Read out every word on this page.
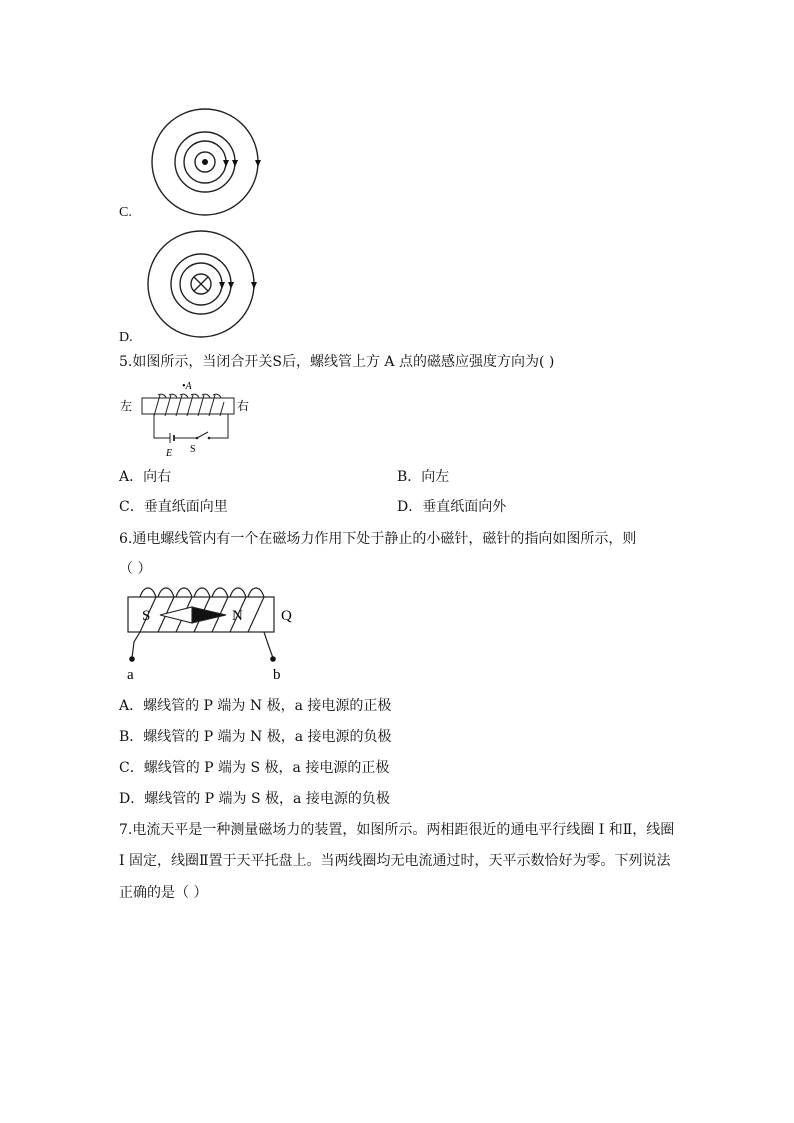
C.
D.
5.如图所示，当闭合开关S后，螺线管上方 A 点的磁感应强度方向为( )
•A
左	右
E S
A．向右	B．向左
C．垂直纸面向里	D．垂直纸面向外
6.通电螺线管内有一个在磁场力作用下处于静止的小磁针，磁针的指向如图所示，则
（ ）
S	N	Q
a	b
A．螺线管的 P 端为 N 极，a 接电源的正极
B．螺线管的 P 端为 N 极，a 接电源的负极
C．螺线管的 P 端为 S 极，a 接电源的正极
D．螺线管的 P 端为 S 极，a 接电源的负极
7.电流天平是一种测量磁场力的装置，如图所示。两相距很近的通电平行线圈 I 和Ⅱ，线圈
I 固定，线圈Ⅱ置于天平托盘上。当两线圈均无电流通过时，天平示数恰好为零。下列说法
正确的是（ ）
